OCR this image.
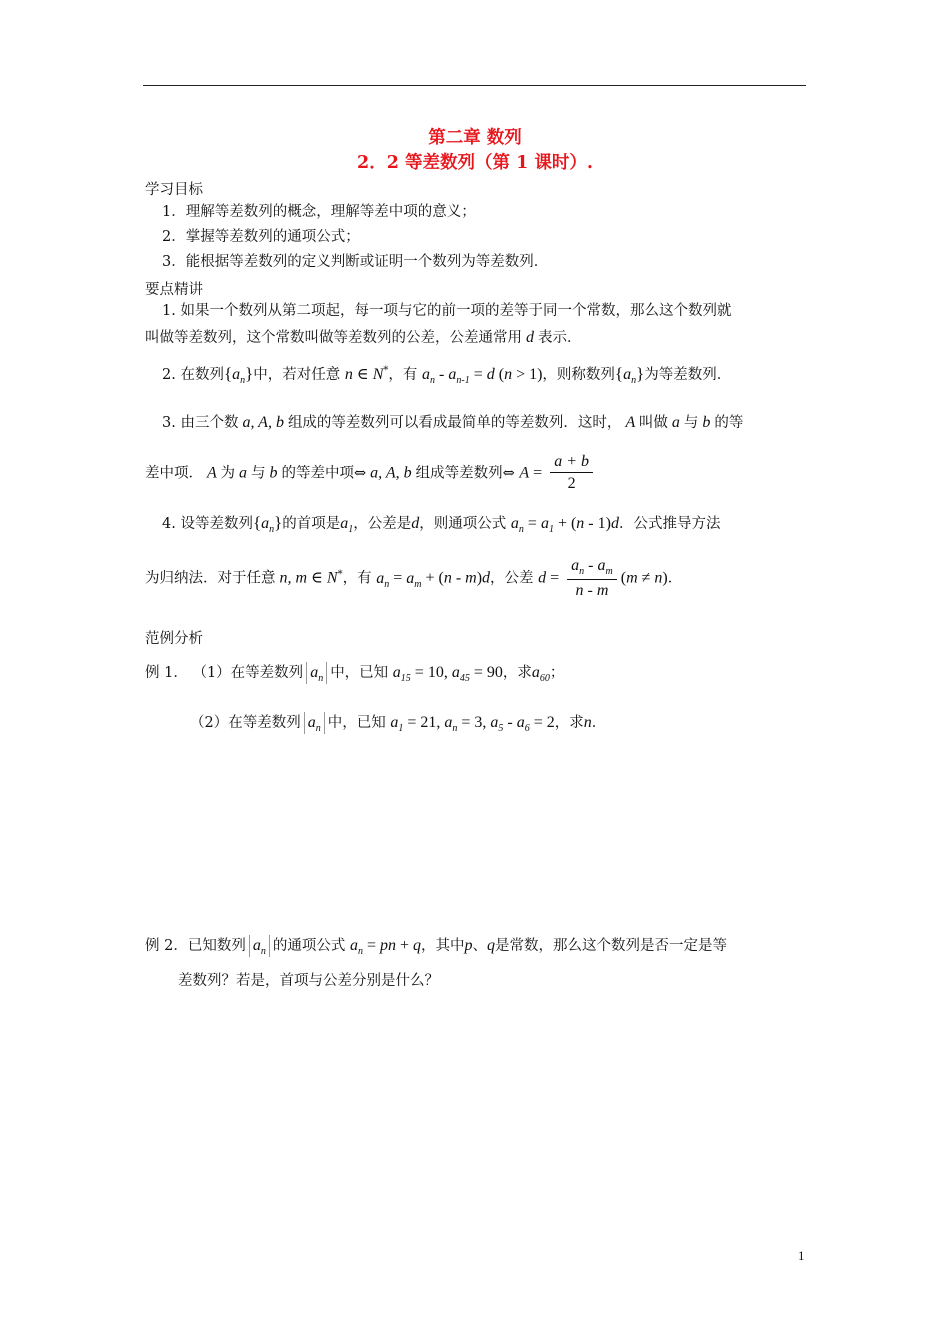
第二章 数列
2．2 等差数列（第 1 课时）.
学习目标
1．理解等差数列的概念，理解等差中项的意义；
2．掌握等差数列的通项公式；
3．能根据等差数列的定义判断或证明一个数列为等差数列．
要点精讲
1. 如果一个数列从第二项起，每一项与它的前一项的差等于同一个常数，那么这个数列就
叫做等差数列，这个常数叫做等差数列的公差，公差通常用 d 表示．
2. 在数列$\{a_n\}$中，若对任意 n ∈ N*，有 $a_n - a_{n-1} = d$ (n > 1)，则称数列$\{a_n\}$为等差数列．
3. 由三个数 a, A, b 组成的等差数列可以看成最简单的等差数列．这时， A 叫做 a 与 b 的等
差中项． A 为 a 与 b 的等差中项⇔ a, A, b 组成等差数列⇔ $A = \frac{a + b}{2}$
4. 设等差数列$\{a_n\}$的首项是$a_1$，公差是d，则通项公式 $a_n = a_1 + (n - 1)d$．公式推导方法
为归纳法．对于任意 n, m ∈ N*，有 $a_n = a_m + (n - m)d$，公差 $d = \frac{a_n - a_m}{n - m} (m \ne n)$．
范例分析
例 1． （1）在等差数列 $a_n$ 中，已知 $a_{15} = 10$, $a_{45} = 90$，求$a_{60}$；
（2）在等差数列 $a_n$ 中，已知 $a_1 = 21$, $a_n = 3$, $a_5 - a_6 = 2$，求n．
例 2．已知数列 $a_n$ 的通项公式 $a_n$ = pn + q，其中p、q是常数，那么这个数列是否一定是等
差数列？若是，首项与公差分别是什么？
1
